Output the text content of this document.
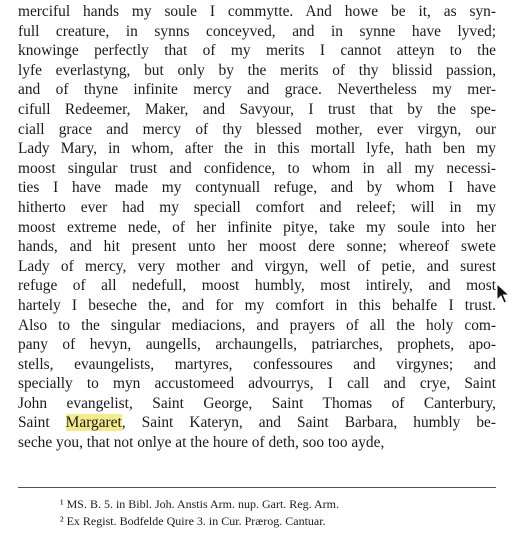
merciful hands my soule I commytte. And howe be it, as syn-
full creature, in synns conceyved, and in synne have lyved;
knowinge perfectly that of my merits I cannot atteyn to the
lyfe everlastyng, but only by the merits of thy blissid passion,
and of thyne infinite mercy and grace. Nevertheless my mer-
cifull Redeemer, Maker, and Savyour, I trust that by the spe-
ciall grace and mercy of thy blessed mother, ever virgyn, our
Lady Mary, in whom, after the in this mortall lyfe, hath ben my
moost singular trust and confidence, to whom in all my necessi-
ties I have made my contynuall refuge, and by whom I have
hitherto ever had my speciall comfort and releef; will in my
moost extreme nede, of her infinite pitye, take my soule into her
hands, and hit present unto her moost dere sonne; whereof swete
Lady of mercy, very mother and virgyn, well of petie, and surest
refuge of all nedefull, moost humbly, most intirely, and most
hartely I beseche the, and for my comfort in this behalfe I trust.
Also to the singular mediacions, and prayers of all the holy com-
pany of hevyn, aungells, archaungells, patriarches, prophets, apo-
stells, evaungelists, martyres, confessoures and virgynes; and
specially to myn accustomeed advourrys, I call and crye, Saint
John evangelist, Saint George, Saint Thomas of Canterbury,
Saint Margaret, Saint Kateryn, and Saint Barbara, humbly be-
seche you, that not onlye at the houre of deth, soo too ayde,
¹ MS. B. 5. in Bibl. Joh. Anstis Arm. nup. Gart. Reg. Arm.
² Ex Regist. Bodfelde Quire 3. in Cur. Prærog. Cantuar.
